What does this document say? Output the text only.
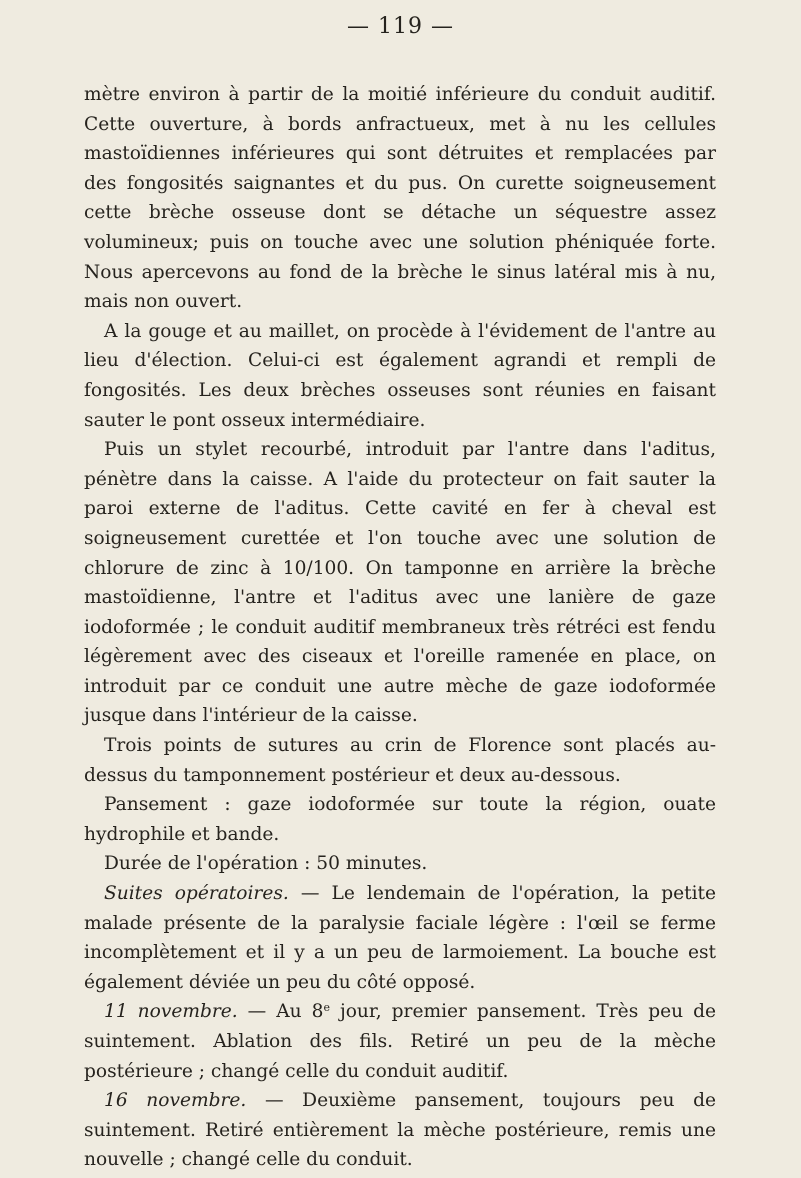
— 119 —

mètre environ à partir de la moitié inférieure du conduit auditif. Cette ouverture, à bords anfractueux, met à nu les cellules mastoïdiennes inférieures qui sont détruites et remplacées par des fongosités saignantes et du pus. On curette soigneusement cette brèche osseuse dont se détache un séquestre assez volumineux; puis on touche avec une solution phéniquée forte. Nous apercevons au fond de la brèche le sinus latéral mis à nu, mais non ouvert.

A la gouge et au maillet, on procède à l'évidement de l'antre au lieu d'élection. Celui-ci est également agrandi et rempli de fongosités. Les deux brèches osseuses sont réunies en faisant sauter le pont osseux intermédiaire.

Puis un stylet recourbé, introduit par l'antre dans l'aditus, pénètre dans la caisse. A l'aide du protecteur on fait sauter la paroi externe de l'aditus. Cette cavité en fer à cheval est soigneusement curettée et l'on touche avec une solution de chlorure de zinc à 10/100. On tamponne en arrière la brèche mastoïdienne, l'antre et l'aditus avec une lanière de gaze iodoformée ; le conduit auditif membraneux très rétréci est fendu légèrement avec des ciseaux et l'oreille ramenée en place, on introduit par ce conduit une autre mèche de gaze iodoformée jusque dans l'intérieur de la caisse.

Trois points de sutures au crin de Florence sont placés au-dessus du tamponnement postérieur et deux au-dessous.

Pansement : gaze iodoformée sur toute la région, ouate hydrophile et bande.

Durée de l'opération : 50 minutes.

Suites opératoires. — Le lendemain de l'opération, la petite malade présente de la paralysie faciale légère : l'œil se ferme incomplètement et il y a un peu de larmoiement. La bouche est également déviée un peu du côté opposé.

11 novembre. — Au 8e jour, premier pansement. Très peu de suintement. Ablation des fils. Retiré un peu de la mèche postérieure ; changé celle du conduit auditif.

16 novembre. — Deuxième pansement, toujours peu de suintement. Retiré entièrement la mèche postérieure, remis une nouvelle ; changé celle du conduit.
